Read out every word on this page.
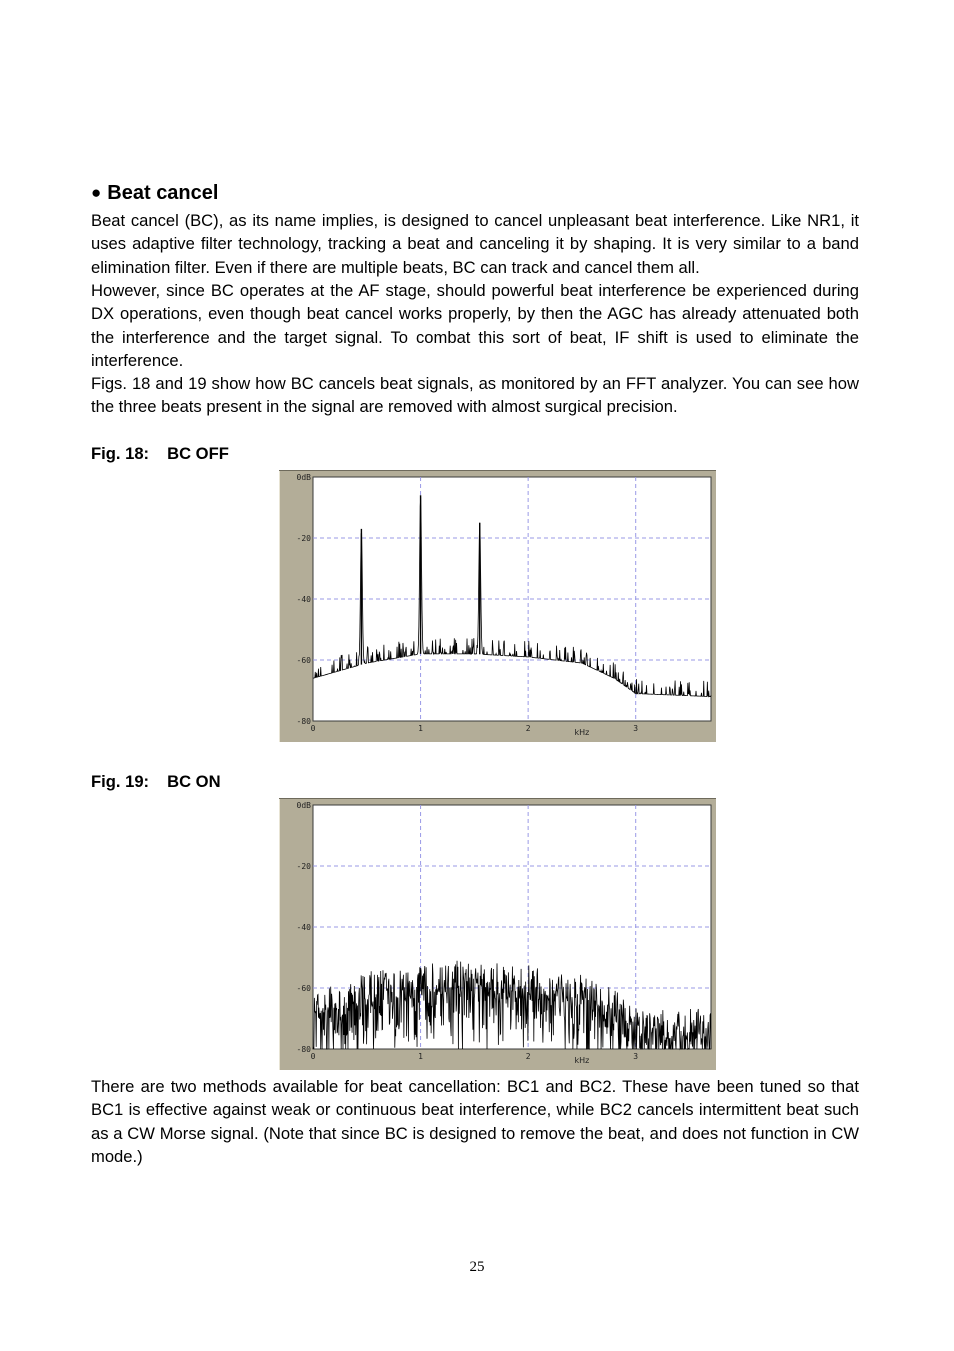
● Beat cancel

Beat cancel (BC), as its name implies, is designed to cancel unpleasant beat interference. Like NR1, it uses adaptive filter technology, tracking a beat and canceling it by shaping. It is very similar to a band elimination filter. Even if there are multiple beats, BC can track and cancel them all.

However, since BC operates at the AF stage, should powerful beat interference be experienced during DX operations, even though beat cancel works properly, by then the AGC has already attenuated both the interference and the target signal. To combat this sort of beat, IF shift is used to eliminate the interference.

Figs. 18 and 19 show how BC cancels beat signals, as monitored by an FFT analyzer. You can see how the three beats present in the signal are removed with almost surgical precision.

Fig. 18: BC OFF
0dB
-20
-40
-60
-80
0	1	2	3
kHz
Fig. 19: BC ON
0dB
-20
-40
-60
-80
0	1	2	3
kHz

There are two methods available for beat cancellation: BC1 and BC2. These have been tuned so that BC1 is effective against weak or continuous beat interference, while BC2 cancels intermittent beat such as a CW Morse signal. (Note that since BC is designed to remove the beat, and does not function in CW mode.)

25
